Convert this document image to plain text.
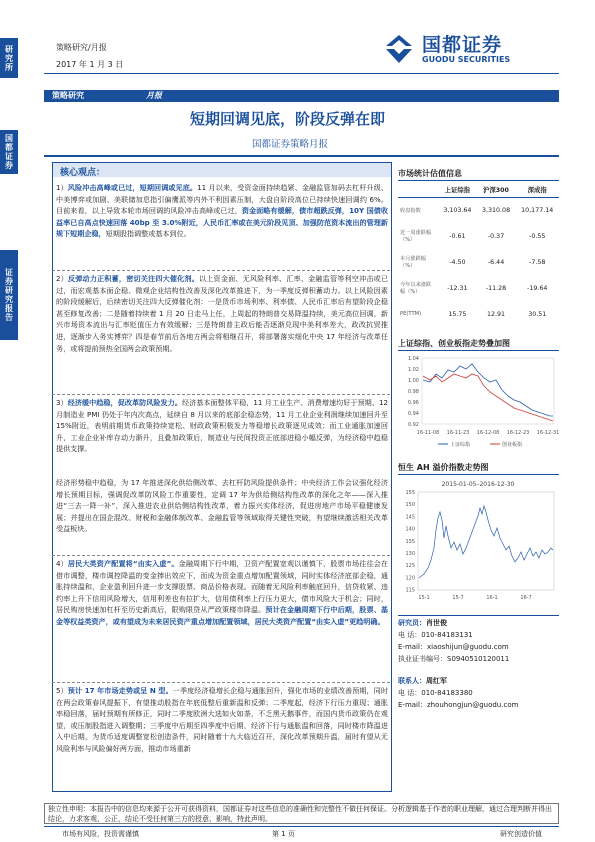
研究所
国都证券
证券研究报告
策略研究/月报
2017 年 1 月 3 日
国都证券
GUODU SECURITIES
策略研究	月报
短期回调见底，阶段反弹在即
国都证券策略月报
核心观点：
1）风险冲击高峰或已过，短期回调或见底。11 月以来，受资金面持续趋紧、金融监管加码去杠杆升级、中美博弈或加剧、美联储加息指引偏鹰派等内外不利因素压制，大盘自阶段高位已持续快速回调约 6%。目前来看，以上导致本轮市场回调的风险冲击高峰或已过，资金面略有缓解，债市超跌反弹，10Y 国债收益率已自高点快速回落 40bp 至 3.0%附近，人民币汇率或在美元阶段见顶、加强防范资本流出的管理新规下短期企稳，短期股指调整或基本到位。
2）反弹动力正积蓄，密切关注四大催化剂。以上资金面、无风险利率、汇率、金融监管等利空冲击或已过，而宏观基本面企稳、微观企业结构性改善及深化改革推进下，为一季度反弹积蓄动力。以上风险因素的阶段缓解后，后续密切关注四大反弹催化剂：一是货币市场利率、利率债、人民币汇率后有望阶段企稳甚至修复改善；二是随着持续着 1 月 20 日走马上任，上周起的特朗普交易降温持续，美元高位回调，新兴市场资本流出与汇率贬值压力有效缓解；三是特朗普主政后能否逐渐兑现中美利率差大，政改抗贸推进，逐渐步入务实博弈？四是春节前后各地方两会将相继召开，将部署落实细化中央 17 年经济与改革任务，或将提前预热全国两会政策预期。
3）经济缓中趋稳，促改革防风险发力。经济基本面整体平稳，11 月工业生产、消费增速均好于预期、12 月制造业 PMI 仍处于年内次高点，延续自 8 月以来的底部企稳态势，11 月工业企业利润继续加速回升至 15%附近，表明前期货币政策持续宽松、财政政策积极发力等稳增长政策逐见成效；而工业通胀加速回升，工业企业补库存动力渐升，且叠加政策后，制造业与民间投资正底部进稳小幅反弹，为经济稳中趋稳提供支撑。
经济形势稳中趋稳，为 17 年推进深化供给侧改革、去杠杆防风险提供条件；中央经济工作会议强化经济增长预期目标，强调促改革防风险工作重要性，定调 17 年为供给侧结构性改革的深化之年——深入推进“三去一降一补”，深入推进农业供给侧结构性改革，着力振兴实体经济，促进房地产市场平稳健康发展；并提出在国企混改、财税和金融体制改革、金融监管等领域取得关键性突破，有望继续激活相关改革受益板块。
4）居民大类资产配置将“由实入虚”。金融周期下行中期，卫资产配置宽观以谨慎下，股票市场往往会在借市调整，楼市调控降温的变金捧出效应下，而成为资金重点增加配置领域，同时实体经济底部企稳，通胀持续温和，企业盈利回升进一步支撑股票、商品价格表现。而随着无风险利率触底回升，信贷收紧、违约率上升下信用风险增大，信用利差也有拉扩大，信用债利率上行压力更大，债市风险大于机会；同时，居民购房快速加杠杆至历史新高后，限购限贷从严政策楼市降温。预计在金融周期下行中后期，股票、基金等权益类资产，或有望成为未来居民资产重点增加配置领域，居民大类资产配置“由实入虚”更趋明确。
5）预计 17 年市场走势或呈 N 型。一季度经济稳增长企稳与通胀回升，强化市场的业绩改善预期，同时在两会政策春风提振下，有望推动股指在年底低整后重新温和反弹；二季度起，经济下行压力重现；通胀率稳回落，届时预期有所修正，同时二季度欧洲大选如火如荼，不乏黑天鹅事件，而国内货币政策仍在观望，或压制股指进入调整期；三季度中后期至四季度中后期，经济下行与通胀温和回落，同时楼市降温进入中后期，为货币适度调整宽松创造条件，同时随着十九大临近召开，深化改革预期升温，届时有望从无风险利率与风险偏好两方面，推动市场重新
市场统计估值信息
	上证综指	沪深300	深成指
收盘指数	3,103.64	3,310.08	10,177.14
近一周涨跌幅（%）	-0.61	-0.37	-0.55
本月涨跌幅（%）	-4.50	-6.44	-7.58
今年以来涨跌幅（%）	-12.31	-11.28	-19.64
PE(TTM)	15.75	12.91	30.51
上证综指、创业板指走势叠加图
1.04
1.02
1.00
0.98
0.96
0.94
0.92
16-11-08 16-11-23 16-12-08 16-12-23 16-12-31
上证综指	创业板指
恒生 AH 溢价指数走势图
2015-01-05–2016-12-30
155
150
145
140
135
130
125
120
115
15-1	15-7	16-1	16-7
研究员：肖世俊
电 话：010-84183131
E-mail：xiaoshijun@guodu.com
执业证书编号：S0940510120011
联系人：周红军
电 话：010-84183380
E-mail：zhouhongjun@guodu.com
独立性申明：本报告中的信息均来源于公开可获得资料，国都证券对这些信息的准确性和完整性不做任何保证。分析逻辑基于作者的职业理解，通过合理判断并得出结论，力求客观、公正，结论不受任何第三方的授意、影响，特此声明。
市场有风险，投资需谨慎	第 1 页	研究创造价值
